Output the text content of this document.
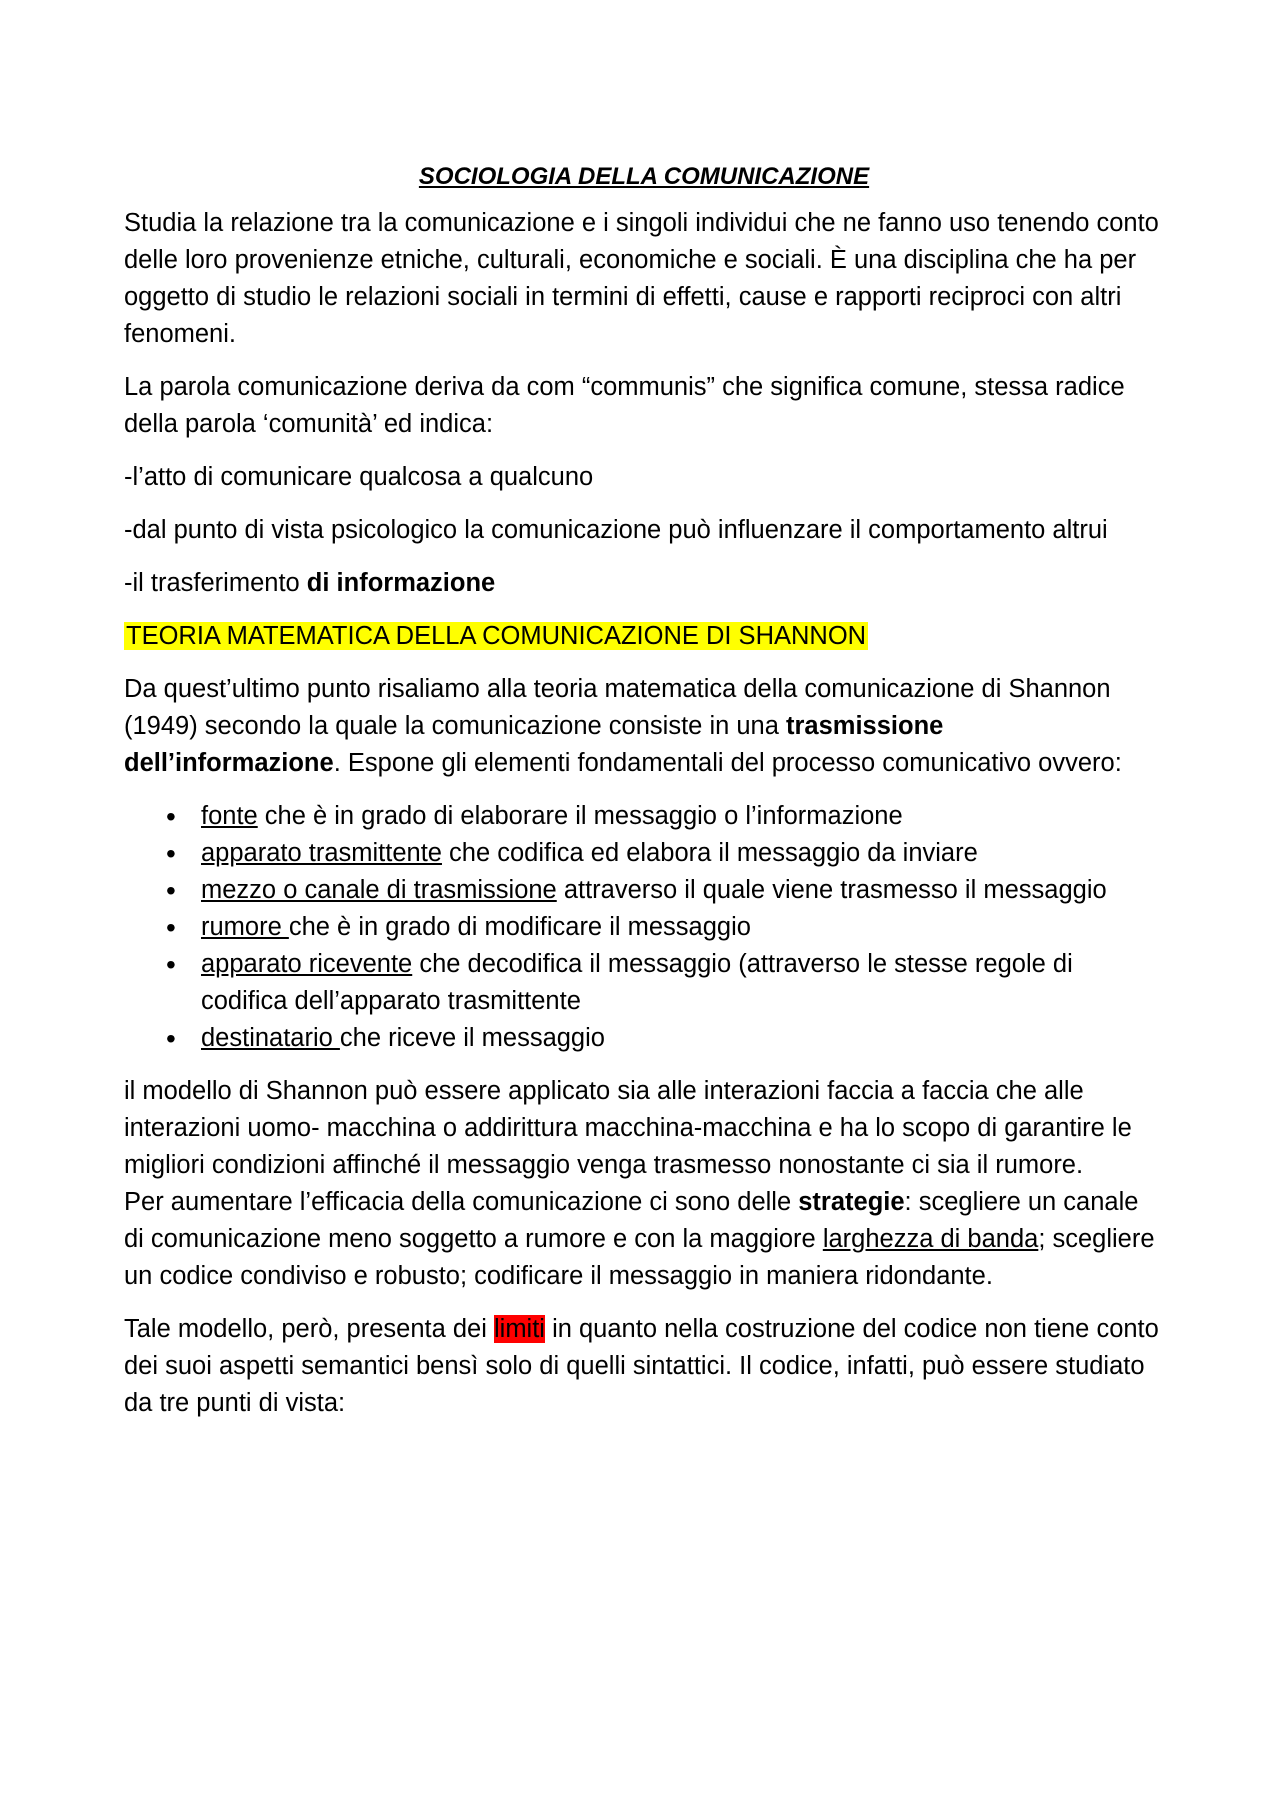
SOCIOLOGIA DELLA COMUNICAZIONE

Studia la relazione tra la comunicazione e i singoli individui che ne fanno uso tenendo conto delle loro provenienze etniche, culturali, economiche e sociali. È una disciplina che ha per oggetto di studio le relazioni sociali in termini di effetti, cause e rapporti reciproci con altri fenomeni.

La parola comunicazione deriva da com “communis” che significa comune, stessa radice della parola ‘comunità’ ed indica:

-l’atto di comunicare qualcosa a qualcuno

-dal punto di vista psicologico la comunicazione può influenzare il comportamento altrui

-il trasferimento di informazione

TEORIA MATEMATICA DELLA COMUNICAZIONE DI SHANNON

Da quest’ultimo punto risaliamo alla teoria matematica della comunicazione di Shannon (1949) secondo la quale la comunicazione consiste in una trasmissione dell’informazione. Espone gli elementi fondamentali del processo comunicativo ovvero:

• fonte che è in grado di elaborare il messaggio o l’informazione
• apparato trasmittente che codifica ed elabora il messaggio da inviare
• mezzo o canale di trasmissione attraverso il quale viene trasmesso il messaggio
• rumore che è in grado di modificare il messaggio
• apparato ricevente che decodifica il messaggio (attraverso le stesse regole di codifica dell’apparato trasmittente
• destinatario che riceve il messaggio

il modello di Shannon può essere applicato sia alle interazioni faccia a faccia che alle interazioni uomo- macchina o addirittura macchina-macchina e ha lo scopo di garantire le migliori condizioni affinché il messaggio venga trasmesso nonostante ci sia il rumore.

Per aumentare l’efficacia della comunicazione ci sono delle strategie: scegliere un canale di comunicazione meno soggetto a rumore e con la maggiore larghezza di banda; scegliere un codice condiviso e robusto; codificare il messaggio in maniera ridondante.

Tale modello, però, presenta dei limiti in quanto nella costruzione del codice non tiene conto dei suoi aspetti semantici bensì solo di quelli sintattici. Il codice, infatti, può essere studiato da tre punti di vista:
